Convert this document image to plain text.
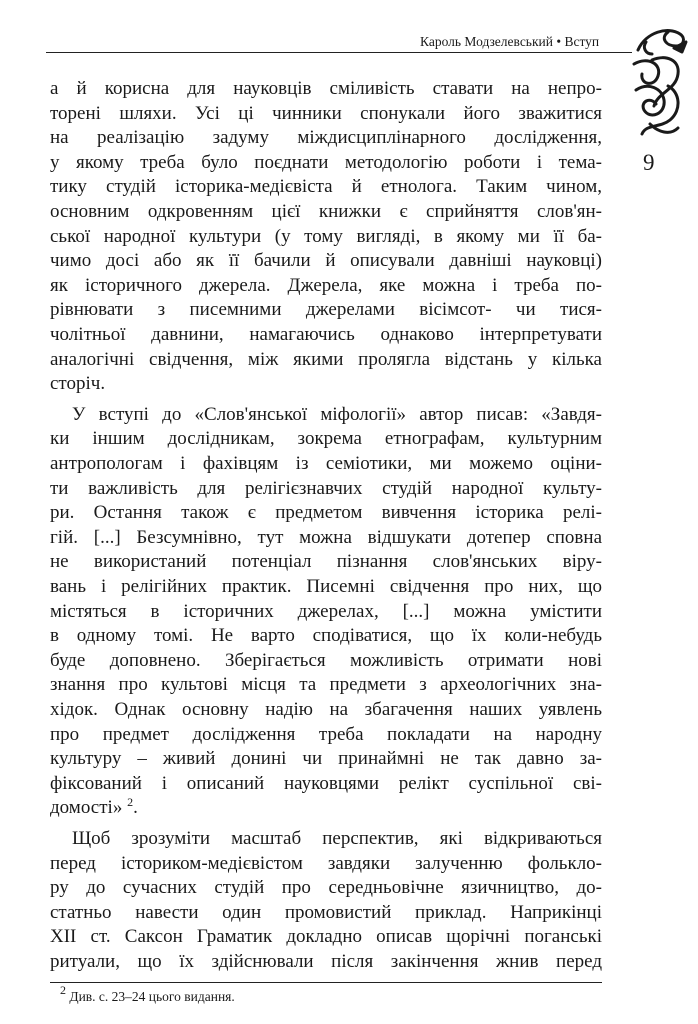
Кароль Модзелевський • Вступ
9
а й корисна для науковців сміливість ставати на непро-
торені шляхи. Усі ці чинники спонукали його зважитися
на реалізацію задуму міждисциплінарного дослідження,
у якому треба було поєднати методологію роботи і тема-
тику студій історика-медієвіста й етнолога. Таким чином,
основним одкровенням цієї книжки є сприйняття слов'ян-
ської народної культури (у тому вигляді, в якому ми її ба-
чимо досі або як її бачили й описували давніші науковці)
як історичного джерела. Джерела, яке можна і треба по-
рівнювати з писемними джерелами вісімсот- чи тися-
чолітньої давнини, намагаючись однаково інтерпретувати
аналогічні свідчення, між якими пролягла відстань у кілька
сторіч.
У вступі до «Слов'янської міфології» автор писав: «Завдя-
ки іншим дослідникам, зокрема етнографам, культурним
антропологам і фахівцям із семіотики, ми можемо оціни-
ти важливість для релігієзнавчих студій народної культу-
ри. Остання також є предметом вивчення історика релі-
гій. [...] Безсумнівно, тут можна відшукати дотепер сповна
не використаний потенціал пізнання слов'янських віру-
вань і релігійних практик. Писемні свідчення про них, що
містяться в історичних джерелах, [...] можна умістити
в одному томі. Не варто сподіватися, що їх коли-небудь
буде доповнено. Зберігається можливість отримати нові
знання про культові місця та предмети з археологічних зна-
хідок. Однак основну надію на збагачення наших уявлень
про предмет дослідження треба покладати на народну
культуру – живий донині чи принаймні не так давно за-
фіксований і описаний науковцями релікт суспільної сві-
домості» $^2$.
Щоб зрозуміти масштаб перспектив, які відкриваються
перед істориком-медієвістом завдяки залученню фолькло-
ру до сучасних студій про середньовічне язичництво, до-
статньо навести один промовистий приклад. Наприкінці
XII ст. Саксон Граматик докладно описав щорічні поганські
ритуали, що їх здійснювали після закінчення жнив перед
$^2$ Див. с. 23–24 цього видання.
